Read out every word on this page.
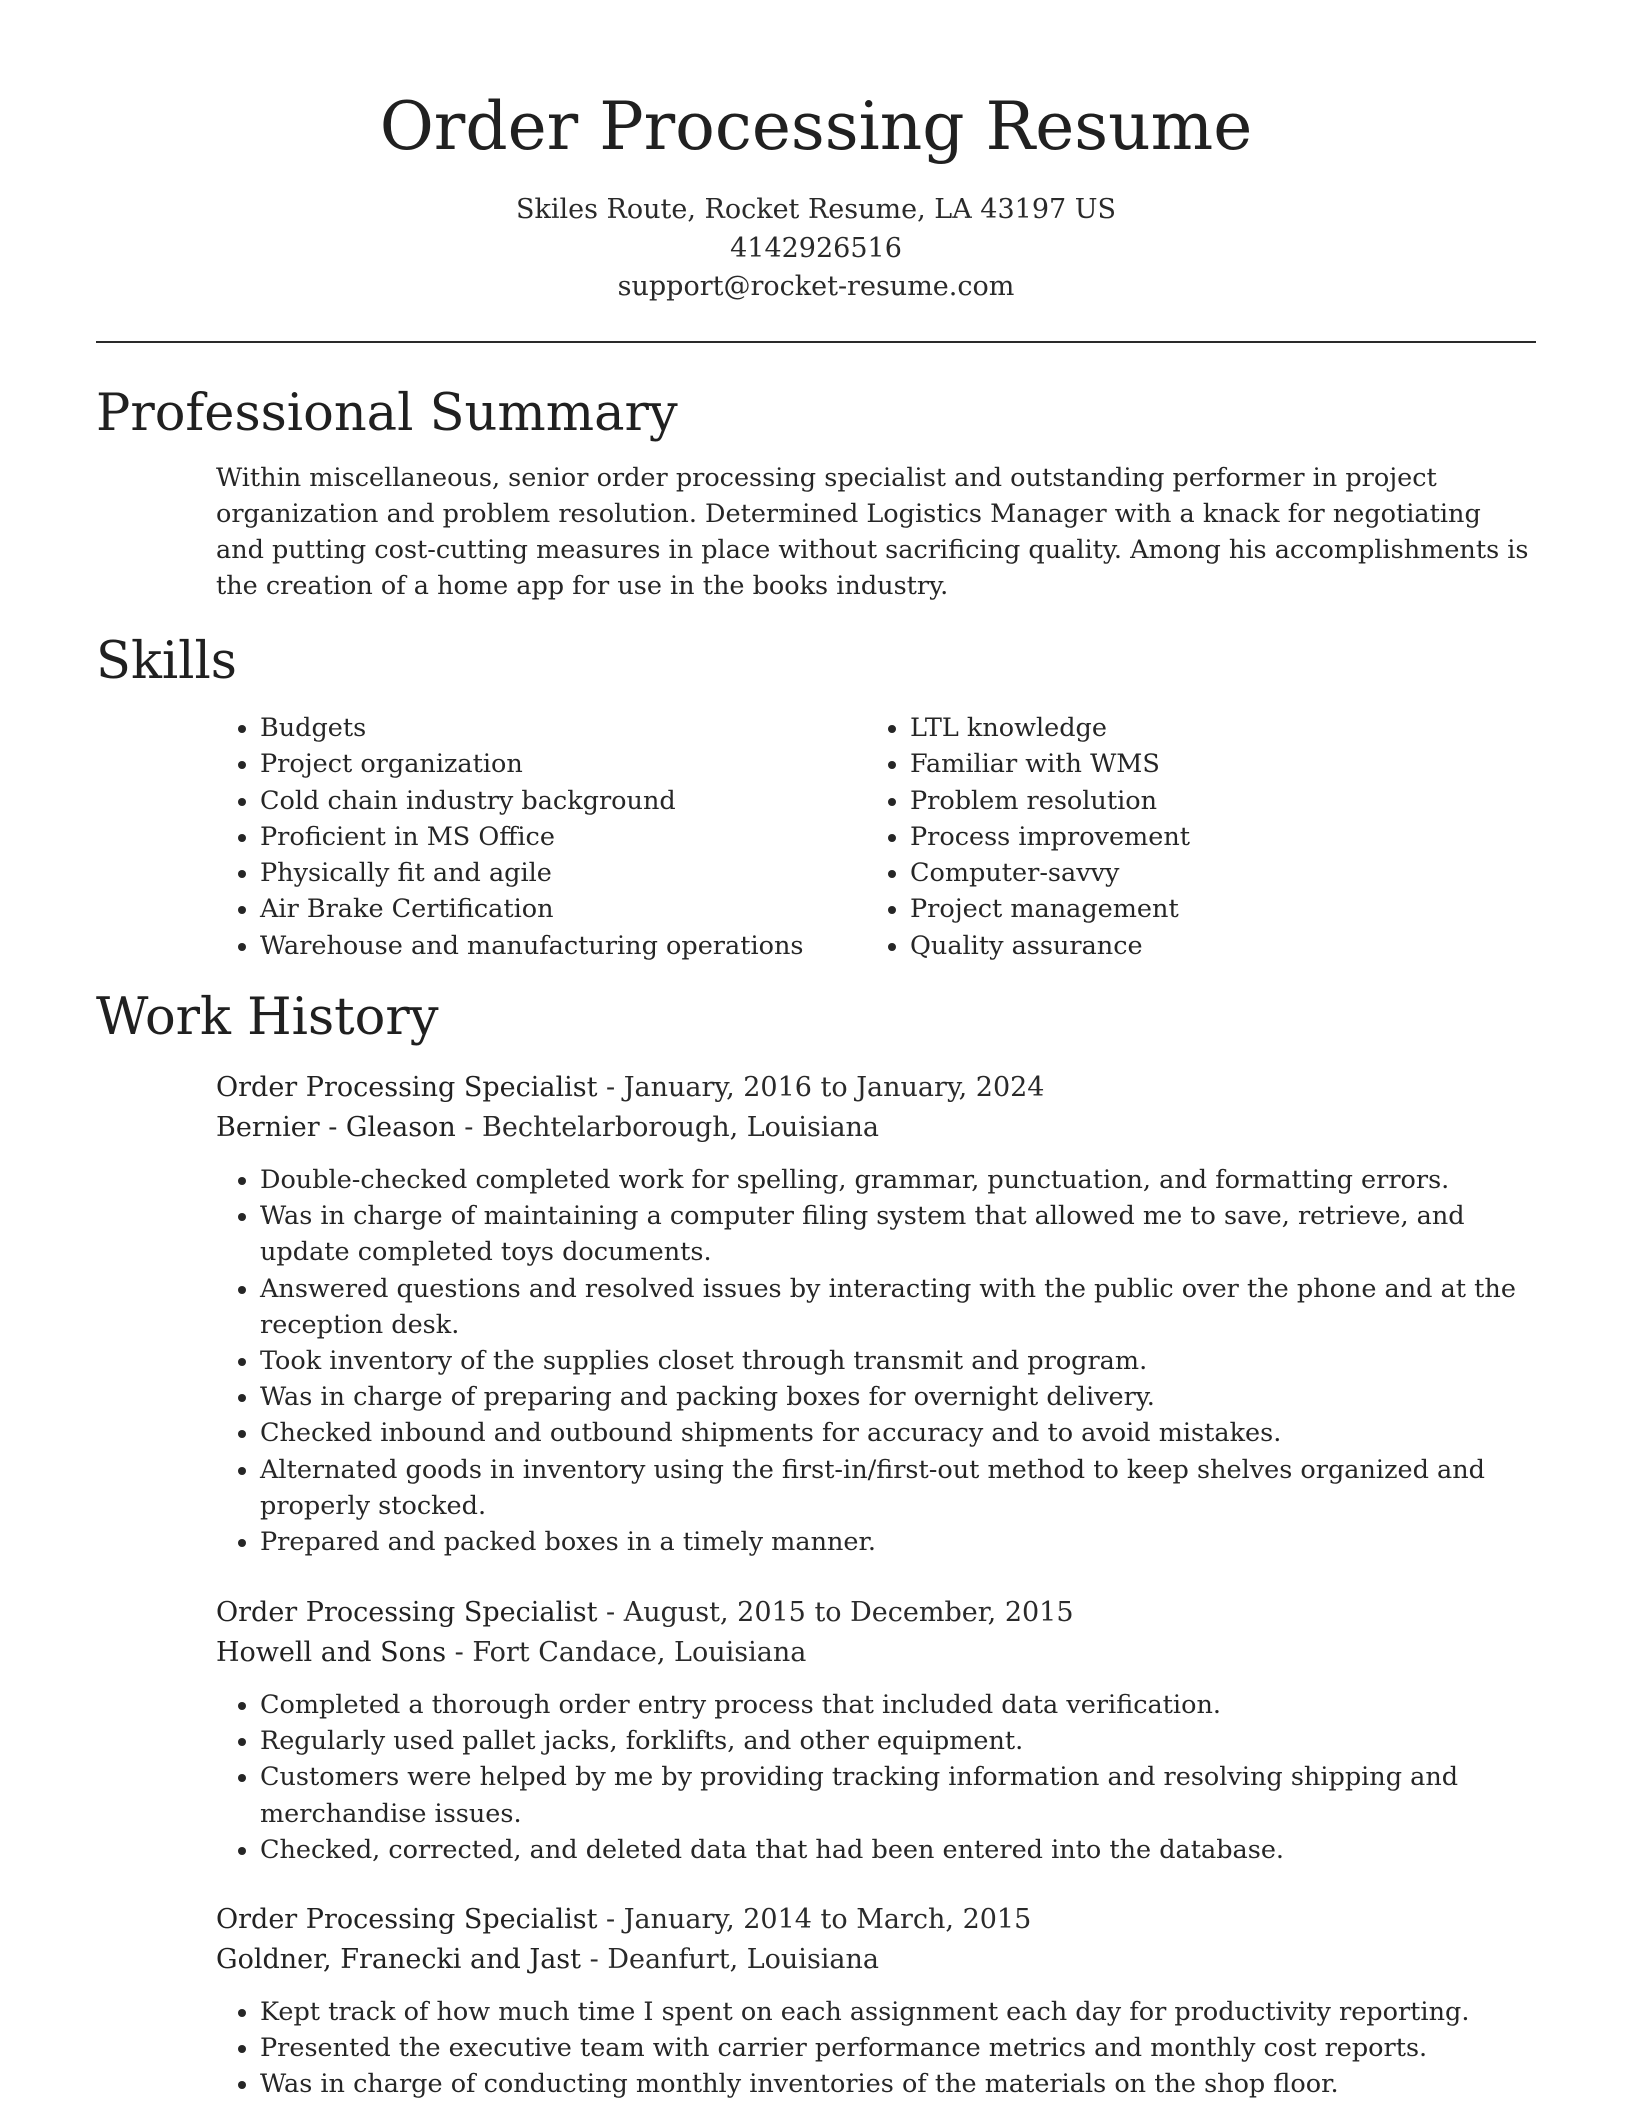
Order Processing Resume
Skiles Route, Rocket Resume, LA 43197 US
4142926516
support@rocket-resume.com
Professional Summary

Within miscellaneous, senior order processing specialist and outstanding performer in project organization and problem resolution. Determined Logistics Manager with a knack for negotiating and putting cost-cutting measures in place without sacrificing quality. Among his accomplishments is the creation of a home app for use in the books industry.

Skills
• Budgets
• Project organization
• Cold chain industry background
• Proficient in MS Office
• Physically fit and agile
• Air Brake Certification
• Warehouse and manufacturing operations
• LTL knowledge
• Familiar with WMS
• Problem resolution
• Process improvement
• Computer-savvy
• Project management
• Quality assurance
Work History
Order Processing Specialist - January, 2016 to January, 2024
Bernier - Gleason - Bechtelarborough, Louisiana
• Double-checked completed work for spelling, grammar, punctuation, and formatting errors.
• Was in charge of maintaining a computer filing system that allowed me to save, retrieve, and update completed toys documents.
• Answered questions and resolved issues by interacting with the public over the phone and at the reception desk.
• Took inventory of the supplies closet through transmit and program.
• Was in charge of preparing and packing boxes for overnight delivery.
• Checked inbound and outbound shipments for accuracy and to avoid mistakes.
• Alternated goods in inventory using the first-in/first-out method to keep shelves organized and properly stocked.
• Prepared and packed boxes in a timely manner.
Order Processing Specialist - August, 2015 to December, 2015
Howell and Sons - Fort Candace, Louisiana
• Completed a thorough order entry process that included data verification.
• Regularly used pallet jacks, forklifts, and other equipment.
• Customers were helped by me by providing tracking information and resolving shipping and merchandise issues.
• Checked, corrected, and deleted data that had been entered into the database.
Order Processing Specialist - January, 2014 to March, 2015
Goldner, Franecki and Jast - Deanfurt, Louisiana
• Kept track of how much time I spent on each assignment each day for productivity reporting.
• Presented the executive team with carrier performance metrics and monthly cost reports.
• Was in charge of conducting monthly inventories of the materials on the shop floor.
